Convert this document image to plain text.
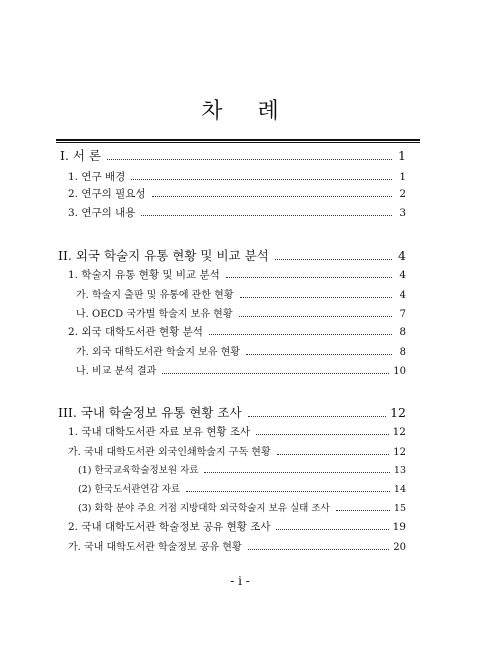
차 례
I. 서 론	1
1. 연구 배경	1
2. 연구의 필요성	2
3. 연구의 내용	3
II. 외국 학술지 유통 현황 및 비교 분석	4
1. 학술지 유통 현황 및 비교 분석	4
가. 학술지 출판 및 유통에 관한 현황	4
나. OECD 국가별 학술지 보유 현황	7
2. 외국 대학도서관 현황 분석	8
가. 외국 대학도서관 학술지 보유 현황	8
나. 비교 분석 결과	10
III. 국내 학술정보 유통 현황 조사	12
1. 국내 대학도서관 자료 보유 현황 조사	12
가. 국내 대학도서관 외국인쇄학술지 구독 현황	12
(1) 한국교육학술정보원 자료	13
(2) 한국도서관연감 자료	14
(3) 화학 분야 주요 거점 지방대학 외국학술지 보유 실태 조사	15
2. 국내 대학도서관 학술정보 공유 현황 조사	19
가. 국내 대학도서관 학술정보 공유 현황	20
- i -
